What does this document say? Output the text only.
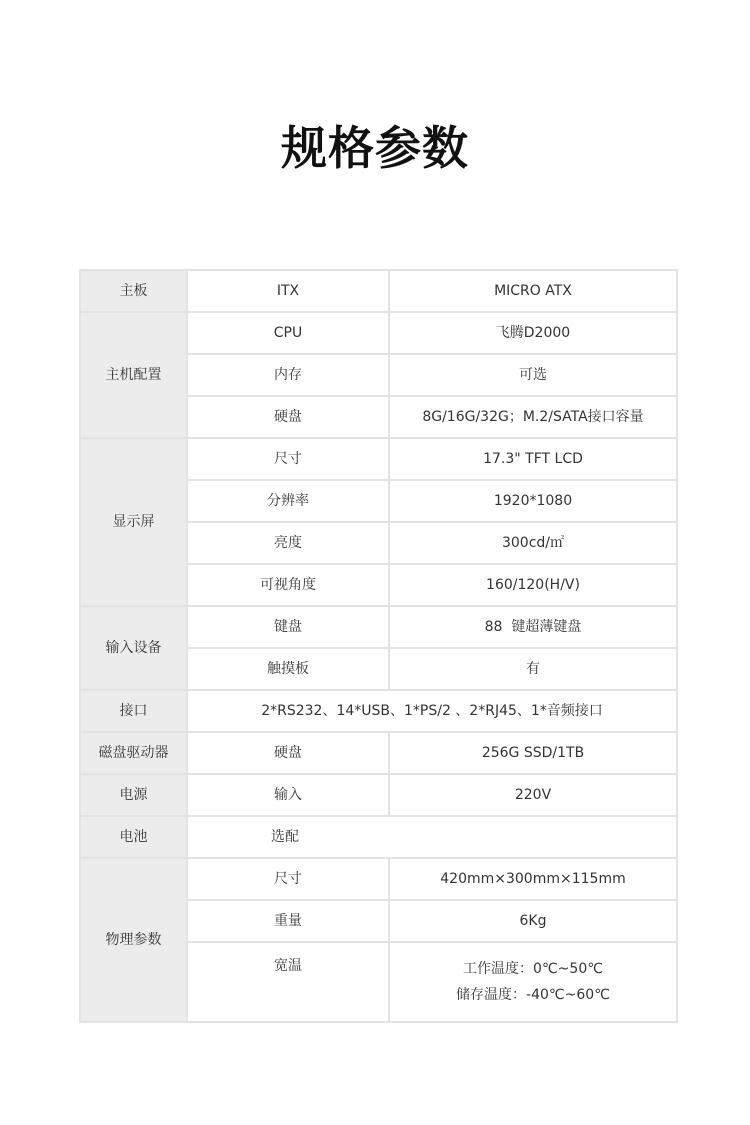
规格参数
主板	ITX	MICRO ATX
主机配置	CPU	飞腾D2000
	内存	可选
	硬盘	8G/16G/32G；M.2/SATA接口容量
显示屏	尺寸	17.3" TFT LCD
	分辨率	1920*1080
	亮度	300cd/㎡
	可视角度	160/120(H/V)
输入设备	键盘	88  键超薄键盘
	触摸板	有
接口	2*RS232、14*USB、1*PS/2 、2*RJ45、1*音频接口	
磁盘驱动器	硬盘	256G SSD/1TB
电源	输入	220V
电池	选配	
物理参数	尺寸	420mm×300mm×115mm
	重量	6Kg
	宽温	工作温度：0℃~50℃
储存温度：-40℃~60℃
